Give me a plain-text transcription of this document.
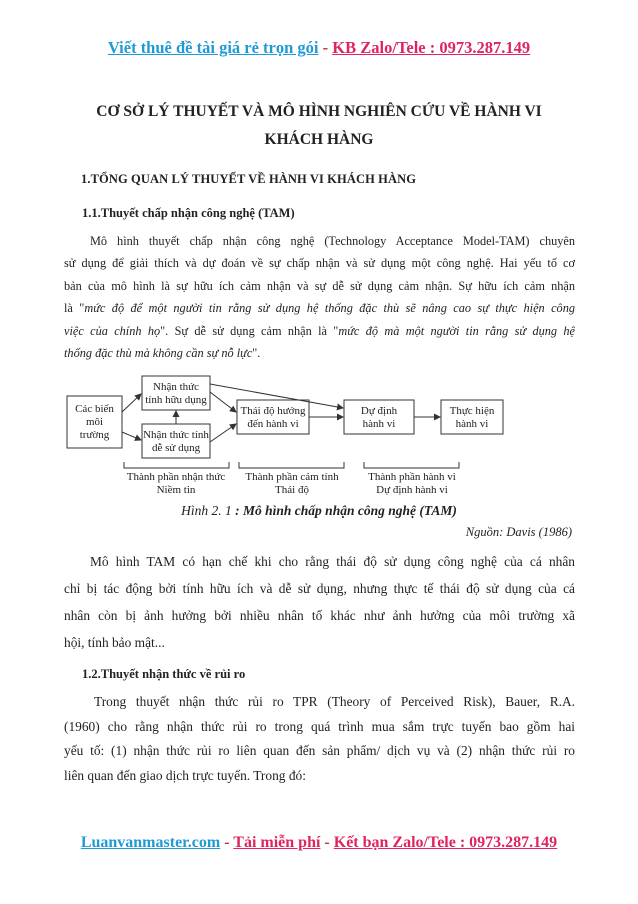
Viết thuê đề tài giá rẻ trọn gói - KB Zalo/Tele : 0973.287.149
CƠ SỞ LÝ THUYẾT VÀ MÔ HÌNH NGHIÊN CỨU VỀ HÀNH VI
KHÁCH HÀNG
1.TỔNG QUAN LÝ THUYẾT VỀ HÀNH VI KHÁCH HÀNG
1.1.Thuyết chấp nhận công nghệ (TAM)
Mô hình thuyết chấp nhận công nghệ (Technology Acceptance Model-TAM) chuyên
sử dụng để giải thích và dự đoán về sự chấp nhận và sử dụng một công nghệ. Hai yếu tố cơ
bản của mô hình là sự hữu ích cảm nhận và sự dễ sử dụng cảm nhận. Sự hữu ích cảm nhận
là "mức độ để một người tin rằng sử dụng hệ thống đặc thù sẽ nâng cao sự thực hiện công
việc của chính họ". Sự dễ sử dụng cảm nhận là "mức độ mà một người tin rằng sử dụng hệ
thống đặc thù mà không cần sự nỗ lực".
Các biến
môi
trường
Nhận thức
tính hữu dụng
Nhận thức tính
dễ sử dụng
Thái độ hướng
đến hành vi
Dự định
hành vi
Thực hiện
hành vi
Thành phần nhận thức
Niềm tin
Thành phần cảm tính
Thái độ
Thành phần hành vi
Dự định hành vi
Hình 2. 1 : Mô hình chấp nhận công nghệ (TAM)
Nguồn: Davis (1986)
Mô hình TAM có hạn chế khi cho rằng thái độ sử dụng công nghệ của cá nhân
chỉ bị tác động bởi tính hữu ích và dễ sử dụng, nhưng thực tế thái độ sử dụng của cá
nhân còn bị ảnh hưởng bởi nhiều nhân tố khác như ảnh hưởng của môi trường xã
hội, tính bảo mật...
1.2.Thuyết nhận thức về rủi ro
Trong thuyết nhận thức rủi ro TPR (Theory of Perceived Risk), Bauer, R.A.
(1960) cho rằng nhận thức rủi ro trong quá trình mua sắm trực tuyến bao gồm hai
yếu tố: (1) nhận thức rủi ro liên quan đến sản phẩm/ dịch vụ và (2) nhận thức rủi ro
liên quan đến giao dịch trực tuyến. Trong đó:
Luanvanmaster.com - Tải miễn phí - Kết bạn Zalo/Tele : 0973.287.149
